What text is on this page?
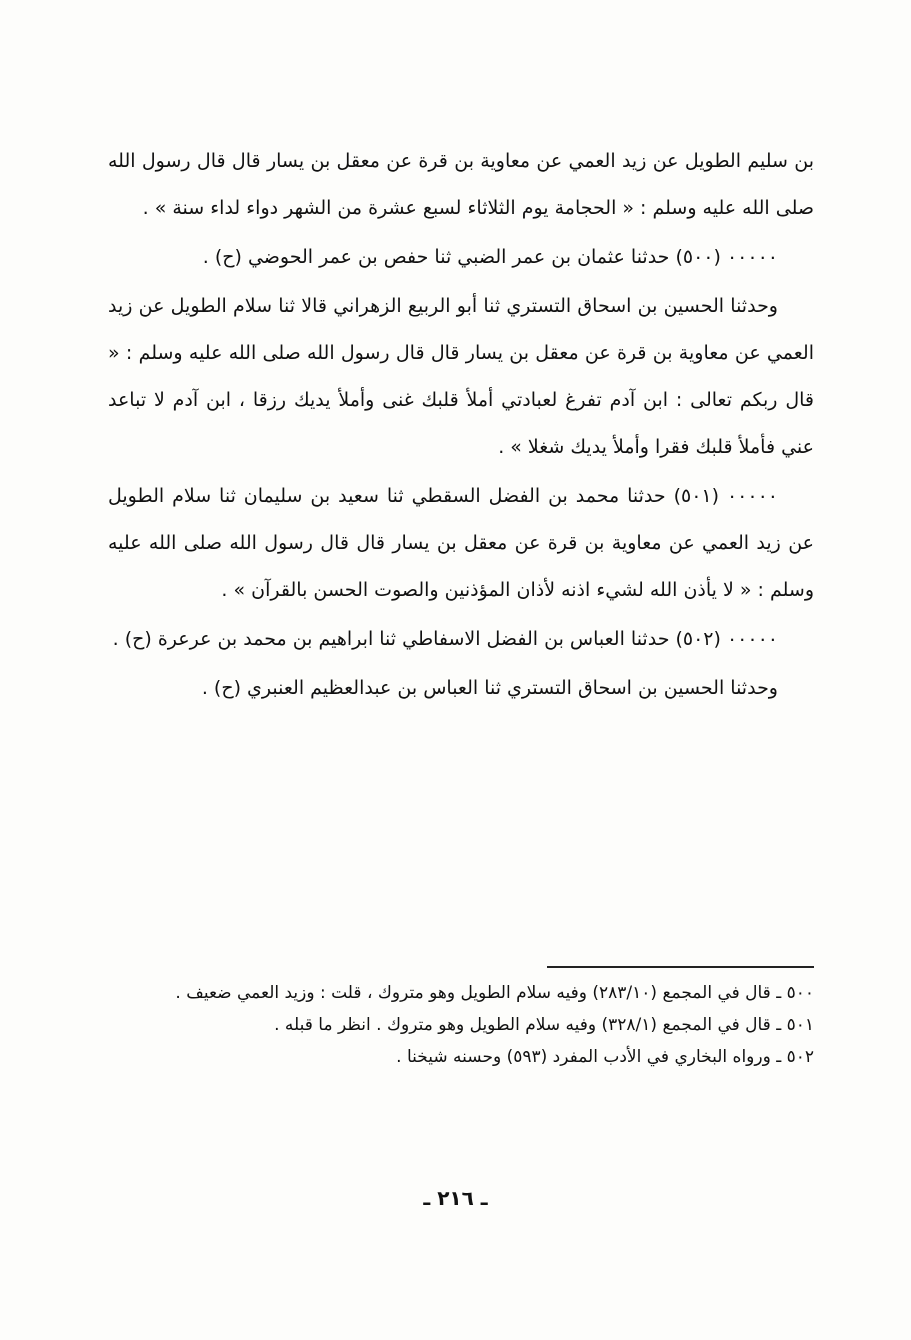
بن سليم الطويل عن زيد العمي عن معاوية بن قرة عن معقل بن يسار قال قال رسول الله صلى الله عليه وسلم : « الحجامة يوم الثلاثاء لسبع عشرة من الشهر دواء لداء سنة » .

٠٠٠٠٠ (٥٠٠) حدثنا عثمان بن عمر الضبي ثنا حفص بن عمر الحوضي (ح) .

وحدثنا الحسين بن اسحاق التستري ثنا أبو الربيع الزهراني قالا ثنا سلام الطويل عن زيد العمي عن معاوية بن قرة عن معقل بن يسار قال قال رسول الله صلى الله عليه وسلم : « قال ربكم تعالى : ابن آدم تفرغ لعبادتي أملأ قلبك غنى وأملأ يديك رزقا ، ابن آدم لا تباعد عني فأملأ قلبك فقرا وأملأ يديك شغلا » .

٠٠٠٠٠ (٥٠١) حدثنا محمد بن الفضل السقطي ثنا سعيد بن سليمان ثنا سلام الطويل عن زيد العمي عن معاوية بن قرة عن معقل بن يسار قال قال رسول الله صلى الله عليه وسلم : « لا يأذن الله لشيء اذنه لأذان المؤذنين والصوت الحسن بالقرآن » .

٠٠٠٠٠ (٥٠٢) حدثنا العباس بن الفضل الاسفاطي ثنا ابراهيم بن محمد بن عرعرة (ح) .

وحدثنا الحسين بن اسحاق التستري ثنا العباس بن عبدالعظيم العنبري (ح) .

٥٠٠ ـ قال في المجمع (٢٨٣/١٠) وفيه سلام الطويل وهو متروك ، قلت : وزيد العمي ضعيف .

٥٠١ ـ قال في المجمع (٣٢٨/١) وفيه سلام الطويل وهو متروك . انظر ما قبله .

٥٠٢ ـ ورواه البخاري في الأدب المفرد (٥٩٣) وحسنه شيخنا .

ـ ٢١٦ ـ
